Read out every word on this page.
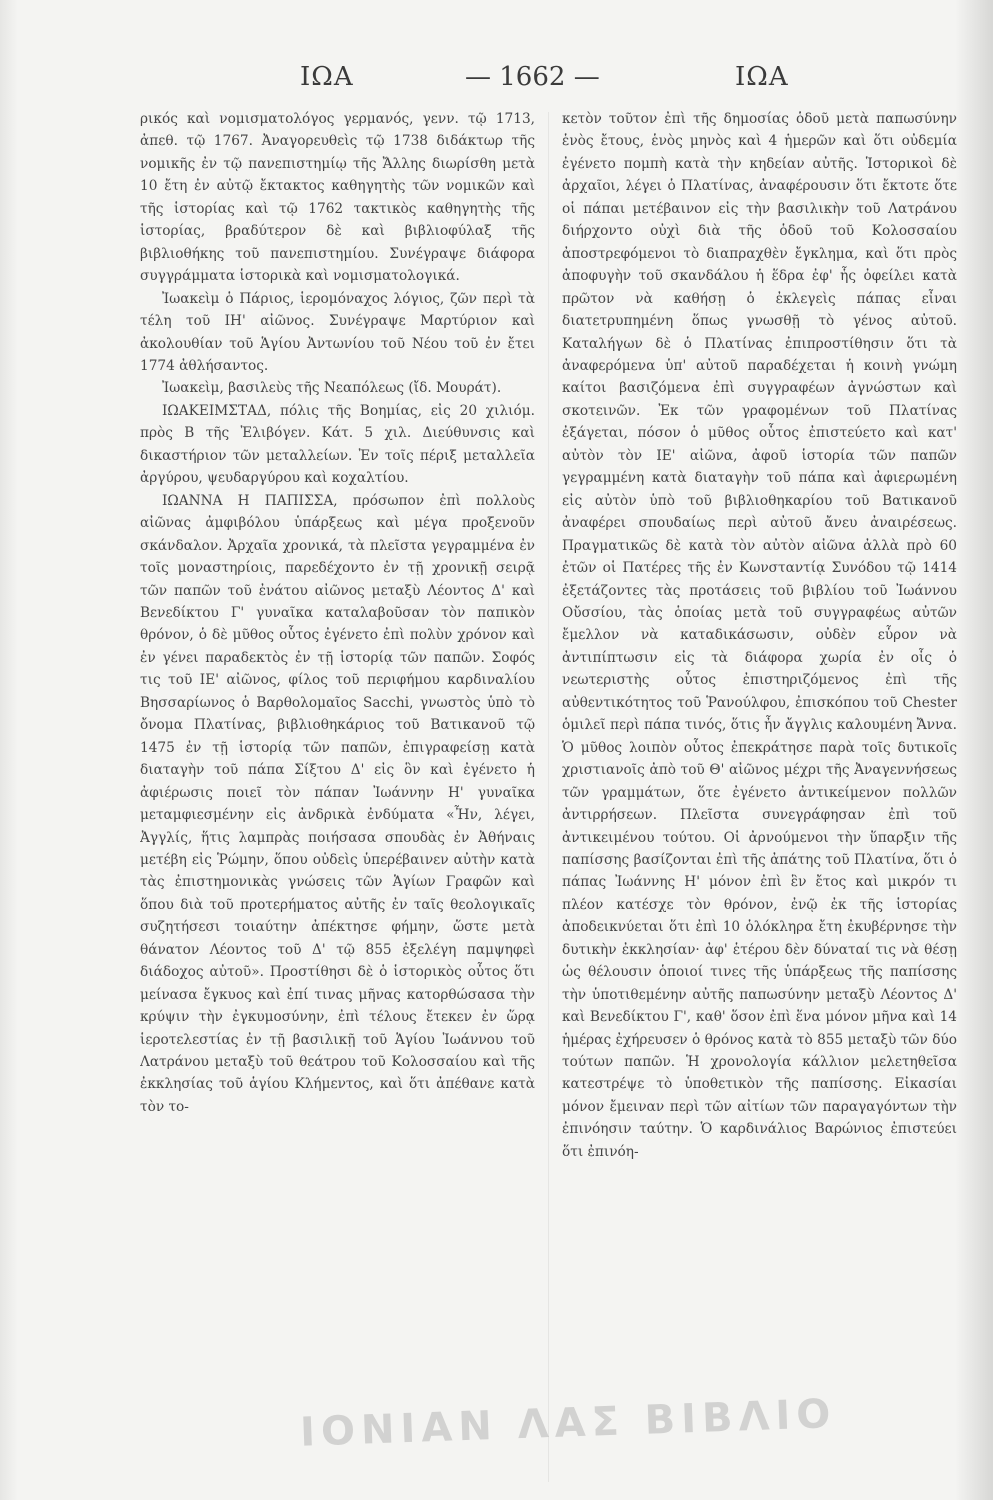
ΙΩΑ	— 1662 —	ΙΩΑ

ρικός καὶ νομισματολόγος γερμανός, γενν. τῷ 1713, ἀπεθ. τῷ 1767. Ἀναγορευθεὶς τῷ 1738 διδάκτωρ τῆς νομικῆς ἐν τῷ πανεπιστημίῳ τῆς Ἄλλης διωρίσθη μετὰ 10 ἔτη ἐν αὐτῷ ἔκτακτος καθηγητὴς τῶν νομικῶν καὶ τῆς ἱστορίας καὶ τῷ 1762 τακτικὸς καθηγητὴς τῆς ἱστορίας, βραδύτερον δὲ καὶ βιβλιοφύλαξ τῆς βιβλιοθήκης τοῦ πανεπιστημίου. Συνέγραψε διάφορα συγγράμματα ἱστορικὰ καὶ νομισματολογικά.

Ἰωακεὶμ ὁ Πάριος, ἱερομόναχος λόγιος, ζῶν περὶ τὰ τέλη τοῦ ΙΗ' αἰῶνος. Συνέγραψε Μαρτύριον καὶ ἀκολουθίαν τοῦ Ἁγίου Ἀντωνίου τοῦ Νέου τοῦ ἐν ἔτει 1774 ἀθλήσαντος.

Ἰωακεὶμ, βασιλεὺς τῆς Νεαπόλεως (ἴδ. Μουράτ).

ΙΩΑΚΕΙΜΣΤΑΔ, πόλις τῆς Βοημίας, εἰς 20 χιλιόμ. πρὸς Β τῆς Ἐλιβόγεν. Κάτ. 5 χιλ. Διεύθυνσις καὶ δικαστήριον τῶν μεταλλείων. Ἐν τοῖς πέριξ μεταλλεῖα ἀργύρου, ψευδαργύρου καὶ κοχαλτίου.

ΙΩΑΝΝΑ Η ΠΑΠΙΣΣΑ, πρόσωπον ἐπὶ πολλοὺς αἰῶνας ἀμφιβόλου ὑπάρξεως καὶ μέγα προξενοῦν σκάνδαλον. Ἀρχαῖα χρονικά, τὰ πλεῖστα γεγραμμένα ἐν τοῖς μοναστηρίοις, παρεδέχοντο ἐν τῇ χρονικῇ σειρᾷ τῶν παπῶν τοῦ ἐνάτου αἰῶνος μεταξὺ Λέοντος Δ' καὶ Βενεδίκτου Γ' γυναῖκα καταλαβοῦσαν τὸν παπικὸν θρόνον, ὁ δὲ μῦθος οὗτος ἐγένετο ἐπὶ πολὺν χρόνον καὶ ἐν γένει παραδεκτὸς ἐν τῇ ἱστορίᾳ τῶν παπῶν. Σοφός τις τοῦ ΙΕ' αἰῶνος, φίλος τοῦ περιφήμου καρδιναλίου Βησσαρίωνος ὁ Βαρθολομαῖος Sacchi, γνωστὸς ὑπὸ τὸ ὄνομα Πλατίνας, βιβλιοθηκάριος τοῦ Βατικανοῦ τῷ 1475 ἐν τῇ ἱστορίᾳ τῶν παπῶν, ἐπιγραφείσῃ κατὰ διαταγὴν τοῦ πάπα Σίξτου Δ' εἰς ὃν καὶ ἐγένετο ἡ ἀφιέρωσις ποιεῖ τὸν πάπαν Ἰωάννην Η' γυναῖκα μεταμφιεσμένην εἰς ἀνδρικὰ ἐνδύματα «Ἦν, λέγει, Ἀγγλίς, ἥτις λαμπρὰς ποιήσασα σπουδὰς ἐν Ἀθήναις μετέβη εἰς Ῥώμην, ὅπου οὐδεὶς ὑπερέβαινεν αὐτὴν κατὰ τὰς ἐπιστημονικὰς γνώσεις τῶν Ἁγίων Γραφῶν καὶ ὅπου διὰ τοῦ προτερήματος αὐτῆς ἐν ταῖς θεολογικαῖς συζητήσεσι τοιαύτην ἀπέκτησε φήμην, ὥστε μετὰ θάνατον Λέοντος τοῦ Δ' τῷ 855 ἐξελέγη παμψηφεὶ διάδοχος αὐτοῦ». Προστίθησι δὲ ὁ ἱστορικὸς οὗτος ὅτι μείνασα ἔγκυος καὶ ἐπί τινας μῆνας κατορθώσασα τὴν κρύψιν τὴν ἐγκυμοσύνην, ἐπὶ τέλους ἔτεκεν ἐν ὥρᾳ ἱεροτελεστίας ἐν τῇ βασιλικῇ τοῦ Ἁγίου Ἰωάννου τοῦ Λατράνου μεταξὺ τοῦ θεάτρου τοῦ Κολοσσαίου καὶ τῆς ἐκκλησίας τοῦ ἁγίου Κλήμεντος, καὶ ὅτι ἀπέθανε κατὰ τὸν το-

κετὸν τοῦτον ἐπὶ τῆς δημοσίας ὁδοῦ μετὰ παπωσύνην ἑνὸς ἔτους, ἑνὸς μηνὸς καὶ 4 ἡμερῶν καὶ ὅτι οὐδεμία ἐγένετο πομπὴ κατὰ τὴν κηδείαν αὐτῆς. Ἱστορικοὶ δὲ ἀρχαῖοι, λέγει ὁ Πλατίνας, ἀναφέρουσιν ὅτι ἔκτοτε ὅτε οἱ πάπαι μετέβαινον εἰς τὴν βασιλικὴν τοῦ Λατράνου διήρχοντο οὐχὶ διὰ τῆς ὁδοῦ τοῦ Κολοσσαίου ἀποστρεφόμενοι τὸ διαπραχθὲν ἔγκλημα, καὶ ὅτι πρὸς ἀποφυγὴν τοῦ σκανδάλου ἡ ἕδρα ἐφ' ἧς ὀφείλει κατὰ πρῶτον νὰ καθήσῃ ὁ ἐκλεγεὶς πάπας εἶναι διατετρυπημένη ὅπως γνωσθῇ τὸ γένος αὐτοῦ. Καταλήγων δὲ ὁ Πλατίνας ἐπιπροστίθησιν ὅτι τὰ ἀναφερόμενα ὑπ' αὐτοῦ παραδέχεται ἡ κοινὴ γνώμη καίτοι βασιζόμενα ἐπὶ συγγραφέων ἀγνώστων καὶ σκοτεινῶν. Ἐκ τῶν γραφομένων τοῦ Πλατίνας ἐξάγεται, πόσον ὁ μῦθος οὗτος ἐπιστεύετο καὶ κατ' αὐτὸν τὸν ΙΕ' αἰῶνα, ἀφοῦ ἱστορία τῶν παπῶν γεγραμμένη κατὰ διαταγὴν τοῦ πάπα καὶ ἀφιερωμένη εἰς αὐτὸν ὑπὸ τοῦ βιβλιοθηκαρίου τοῦ Βατικανοῦ ἀναφέρει σπουδαίως περὶ αὐτοῦ ἄνευ ἀναιρέσεως. Πραγματικῶς δὲ κατὰ τὸν αὐτὸν αἰῶνα ἀλλὰ πρὸ 60 ἐτῶν οἱ Πατέρες τῆς ἐν Κωνσταντίᾳ Συνόδου τῷ 1414 ἐξετάζοντες τὰς προτάσεις τοῦ βιβλίου τοῦ Ἰωάννου Οὔσσίου, τὰς ὁποίας μετὰ τοῦ συγγραφέως αὐτῶν ἔμελλον νὰ καταδικάσωσιν, οὐδὲν εὗρον νὰ ἀντιπίπτωσιν εἰς τὰ διάφορα χωρία ἐν οἷς ὁ νεωτεριστὴς οὗτος ἐπιστηριζόμενος ἐπὶ τῆς αὐθεντικότητος τοῦ Ῥανούλφου, ἐπισκόπου τοῦ Chester ὁμιλεῖ περὶ πάπα τινός, ὅτις ἦν ἄγγλις καλουμένη Ἄννα. Ὁ μῦθος λοιπὸν οὗτος ἐπεκράτησε παρὰ τοῖς δυτικοῖς χριστιανοῖς ἀπὸ τοῦ Θ' αἰῶνος μέχρι τῆς Ἀναγεννήσεως τῶν γραμμάτων, ὅτε ἐγένετο ἀντικείμενον πολλῶν ἀντιρρήσεων. Πλεῖστα συνεγράφησαν ἐπὶ τοῦ ἀντικειμένου τούτου. Οἱ ἀρνούμενοι τὴν ὕπαρξιν τῆς παπίσσης βασίζονται ἐπὶ τῆς ἀπάτης τοῦ Πλατίνα, ὅτι ὁ πάπας Ἰωάννης Η' μόνον ἐπὶ ἓν ἔτος καὶ μικρόν τι πλέον κατέσχε τὸν θρόνον, ἐνῷ ἐκ τῆς ἱστορίας ἀποδεικνύεται ὅτι ἐπὶ 10 ὁλόκληρα ἔτη ἐκυβέρνησε τὴν δυτικὴν ἐκκλησίαν· ἀφ' ἑτέρου δὲν δύναταί τις νὰ θέσῃ ὡς θέλουσιν ὁποιοί τινες τῆς ὑπάρξεως τῆς παπίσσης τὴν ὑποτιθεμένην αὐτῆς παπωσύνην μεταξὺ Λέοντος Δ' καὶ Βενεδίκτου Γ', καθ' ὅσον ἐπὶ ἕνα μόνον μῆνα καὶ 14 ἡμέρας ἐχήρευσεν ὁ θρόνος κατὰ τὸ 855 μεταξὺ τῶν δύο τούτων παπῶν. Ἡ χρονολογία κάλλιον μελετηθεῖσα κατεστρέψε τὸ ὑποθετικὸν τῆς παπίσσης. Εἰκασίαι μόνον ἔμειναν περὶ τῶν αἰτίων τῶν παραγαγόντων τὴν ἐπινόησιν ταύτην. Ὁ καρδινάλιος Βαρώνιος ἐπιστεύει ὅτι ἐπινόη-

ΙΟΝΙΑΝ ΛΑΣ ΒΙΒΛΙΟ
